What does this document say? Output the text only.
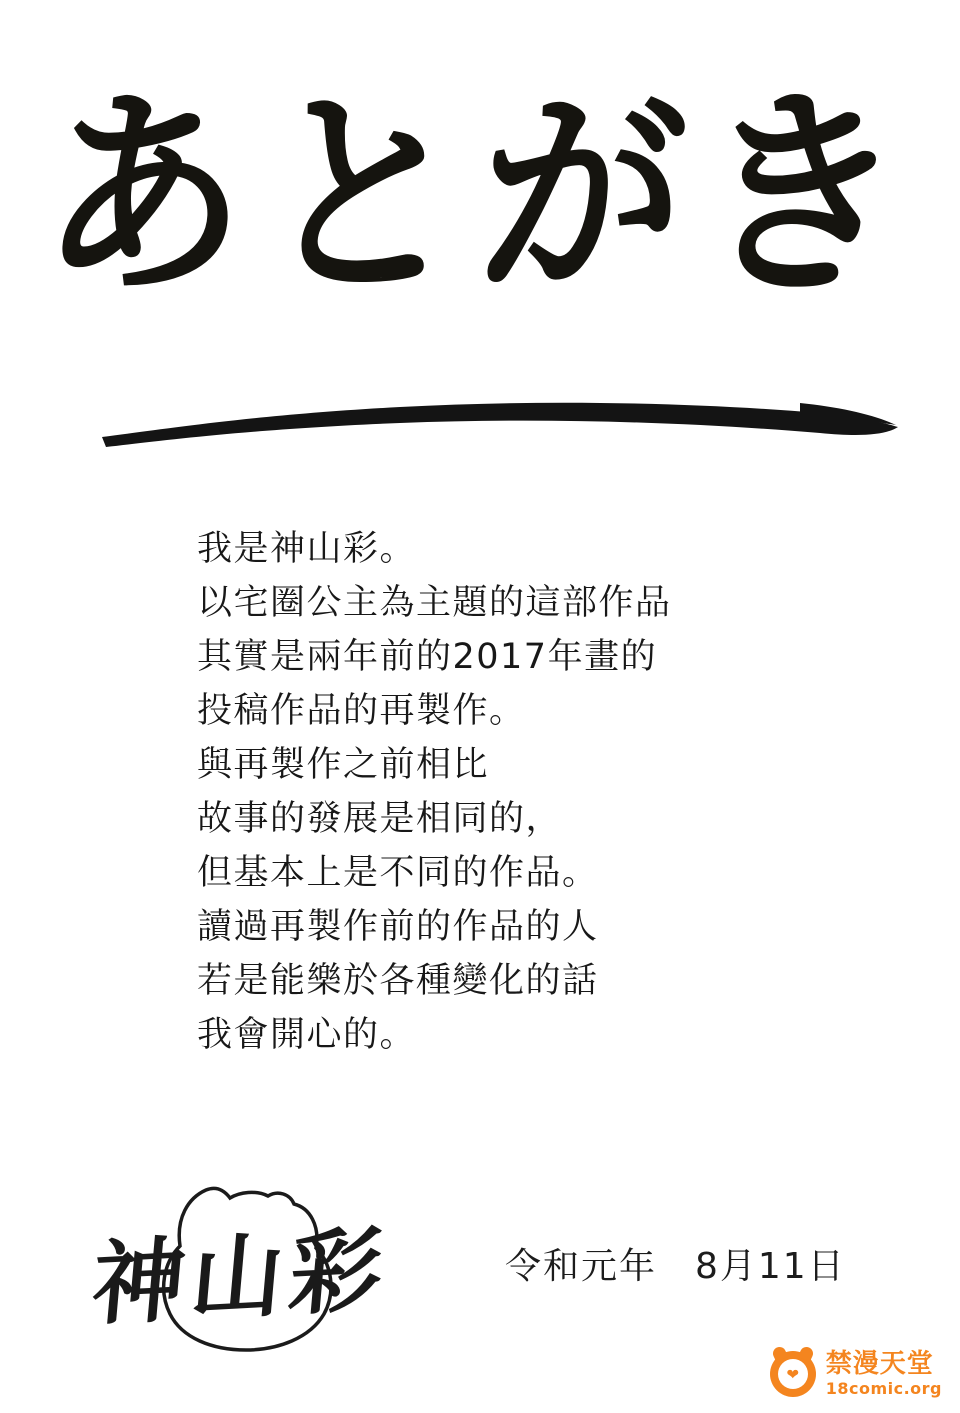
あとがき
我是神山彩。
以宅圈公主為主題的這部作品
其實是兩年前的2017年畫的
投稿作品的再製作。
與再製作之前相比
故事的發展是相同的，
但基本上是不同的作品。
讀過再製作前的作品的人
若是能樂於各種變化的話
我會開心的。
神山彩	令和元年　8月11日
❤ 禁漫天堂
18comic.org
